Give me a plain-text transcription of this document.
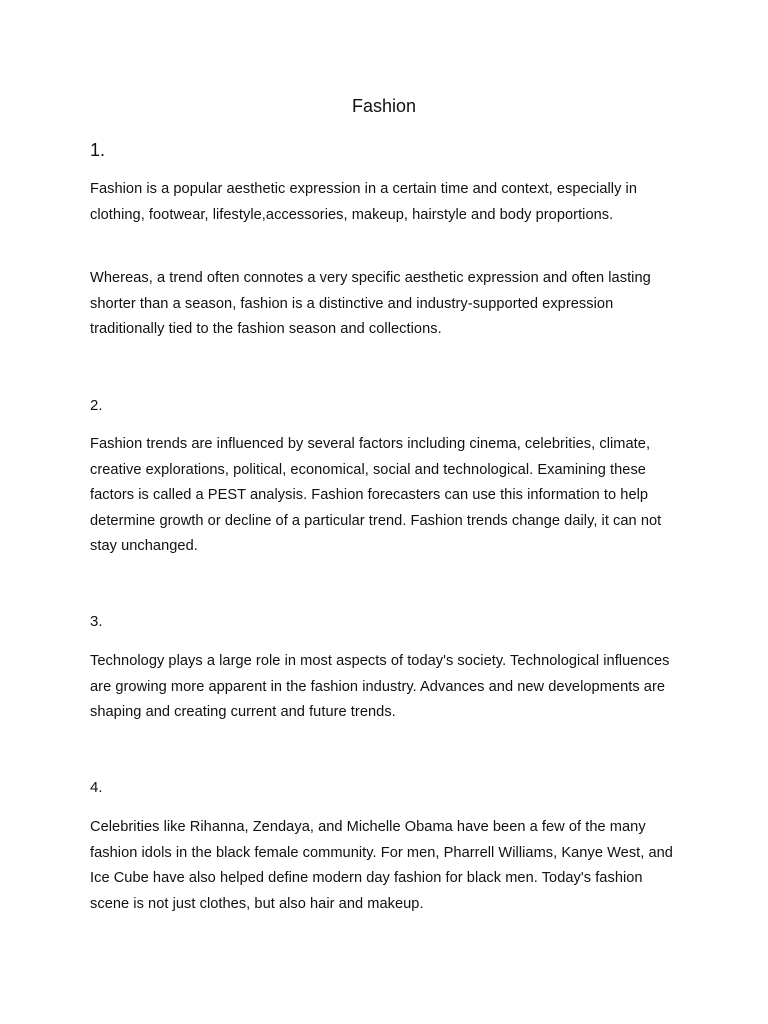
Fashion
1.

Fashion is a popular aesthetic expression in a certain time and context, especially in clothing, footwear, lifestyle,accessories, makeup, hairstyle and body proportions.

Whereas, a trend often connotes a very specific aesthetic expression and often lasting shorter than a season, fashion is a distinctive and industry-supported expression traditionally tied to the fashion season and collections.

2.

Fashion trends are influenced by several factors including cinema, celebrities, climate, creative explorations, political, economical, social and technological. Examining these factors is called a PEST analysis. Fashion forecasters can use this information to help determine growth or decline of a particular trend. Fashion trends change daily, it can not stay unchanged.

3.

Technology plays a large role in most aspects of today's society. Technological influences are growing more apparent in the fashion industry. Advances and new developments are shaping and creating current and future trends.

4.

Celebrities like Rihanna, Zendaya, and Michelle Obama have been a few of the many fashion idols in the black female community. For men, Pharrell Williams, Kanye West, and Ice Cube have also helped define modern day fashion for black men. Today's fashion scene is not just clothes, but also hair and makeup.
